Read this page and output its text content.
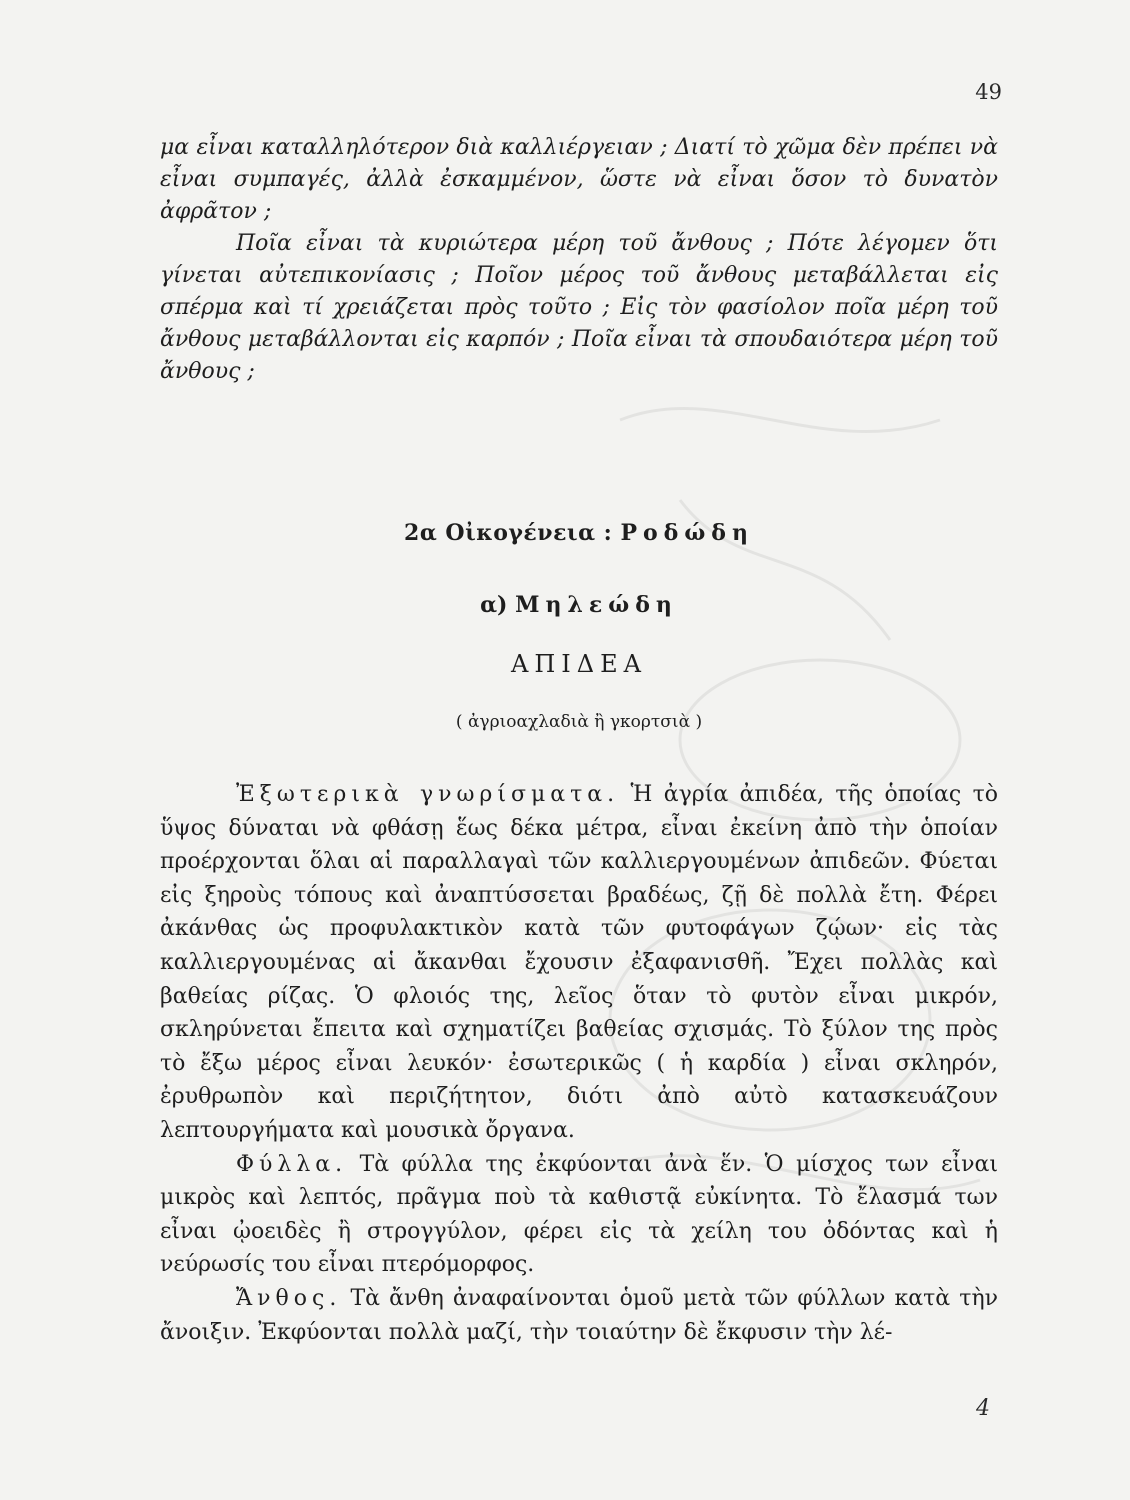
49

μα εἶναι καταλληλότερον διὰ καλλιέργειαν ; Διατί τὸ χῶμα δὲν πρέπει νὰ εἶναι συμπαγές, ἀλλὰ ἐσκαμμένον, ὥστε νὰ εἶναι ὅσον τὸ δυνατὸν ἀφρᾶτον ;

Ποῖα εἶναι τὰ κυριώτερα μέρη τοῦ ἄνθους ; Πότε λέγομεν ὅτι γίνεται αὐτεπικονίασις ; Ποῖον μέρος τοῦ ἄνθους μεταβάλλεται εἰς σπέρμα καὶ τί χρειάζεται πρὸς τοῦτο ; Εἰς τὸν φασίολον ποῖα μέρη τοῦ ἄνθους μεταβάλλονται εἰς καρπόν ; Ποῖα εἶναι τὰ σπουδαιότερα μέρη τοῦ ἄνθους ;

2α Οἰκογένεια : Ροδώδη
α) Μηλεώδη
ΑΠΙΔΕΑ
( ἀγριοαχλαδιὰ ἢ γκορτσιὰ )

Ἐξωτερικὰ γνωρίσματα. Ἡ ἀγρία ἀπιδέα, τῆς ὁποίας τὸ ὕψος δύναται νὰ φθάσῃ ἕως δέκα μέτρα, εἶναι ἐκείνη ἀπὸ τὴν ὁποίαν προέρχονται ὅλαι αἱ παραλλαγαὶ τῶν καλλιεργουμένων ἀπιδεῶν. Φύεται εἰς ξηροὺς τόπους καὶ ἀναπτύσσεται βραδέως, ζῇ δὲ πολλὰ ἔτη. Φέρει ἀκάνθας ὡς προφυλακτικὸν κατὰ τῶν φυτοφάγων ζῴων· εἰς τὰς καλλιεργουμένας αἱ ἄκανθαι ἔχουσιν ἐξαφανισθῆ. Ἔχει πολλὰς καὶ βαθείας ρίζας. Ὁ φλοιός της, λεῖος ὅταν τὸ φυτὸν εἶναι μικρόν, σκληρύνεται ἔπειτα καὶ σχηματίζει βαθείας σχισμάς. Τὸ ξύλον της πρὸς τὸ ἔξω μέρος εἶναι λευκόν· ἐσωτερικῶς ( ἡ καρδία ) εἶναι σκληρόν, ἐρυθρωπὸν καὶ περιζήτητον, διότι ἀπὸ αὐτὸ κατασκευάζουν λεπτουργήματα καὶ μουσικὰ ὄργανα.

Φύλλα. Τὰ φύλλα της ἐκφύονται ἀνὰ ἕν. Ὁ μίσχος των εἶναι μικρὸς καὶ λεπτός, πρᾶγμα ποὺ τὰ καθιστᾷ εὐκίνητα. Τὸ ἔλασμά των εἶναι ᾠοειδὲς ἢ στρογγύλον, φέρει εἰς τὰ χείλη του ὀδόντας καὶ ἡ νεύρωσίς του εἶναι πτερόμορφος.

Ἄνθος. Τὰ ἄνθη ἀναφαίνονται ὁμοῦ μετὰ τῶν φύλλων κατὰ τὴν ἄνοιξιν. Ἐκφύονται πολλὰ μαζί, τὴν τοιαύτην δὲ ἔκφυσιν τὴν λέ-

4
